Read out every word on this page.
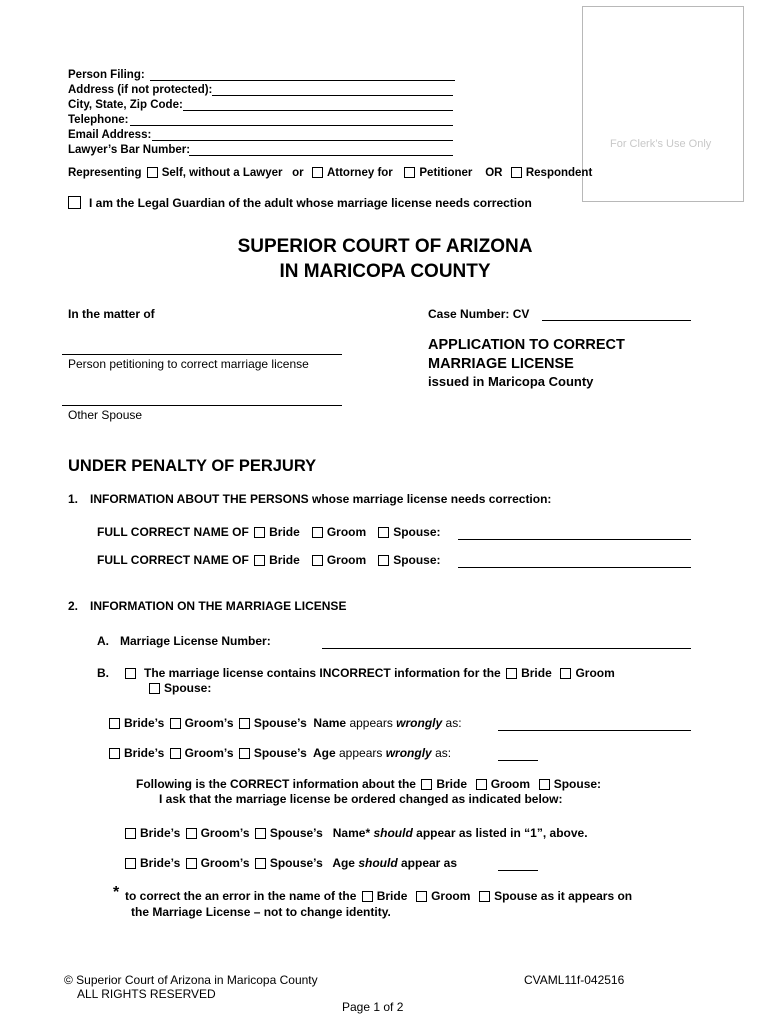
For Clerk’s Use Only
Person Filing:
Address (if not protected):
City, State, Zip Code:
Telephone:
Email Address:
Lawyer’s Bar Number:
Representing Self, without a Lawyer or Attorney for Petitioner OR Respondent
I am the Legal Guardian of the adult whose marriage license needs correction
SUPERIOR COURT OF ARIZONA
IN MARICOPA COUNTY
In the matter of	Case Number: CV
Person petitioning to correct marriage license
Other Spouse
APPLICATION TO CORRECT
MARRIAGE LICENSE
issued in Maricopa County
UNDER PENALTY OF PERJURY
1. INFORMATION ABOUT THE PERSONS whose marriage license needs correction:
FULL CORRECT NAME OF Bride Groom Spouse:
FULL CORRECT NAME OF Bride Groom Spouse:
2. INFORMATION ON THE MARRIAGE LICENSE
A. Marriage License Number:
B.	The marriage license contains INCORRECT information for the Bride Groom
Spouse:
Bride’s Groom’s Spouse’s Name appears wrongly as:
Bride’s Groom’s Spouse’s Age appears wrongly as:
Following is the CORRECT information about the Bride Groom Spouse:
I ask that the marriage license be ordered changed as indicated below:
Bride’s Groom’s Spouse’s Name* should appear as listed in “1”, above.
Bride’s Groom’s Spouse’s Age should appear as
* to correct the an error in the name of the Bride Groom Spouse as it appears on
the Marriage License – not to change identity.
© Superior Court of Arizona in Maricopa County
ALL RIGHTS RESERVED
CVAML11f-042516
Page 1 of 2
